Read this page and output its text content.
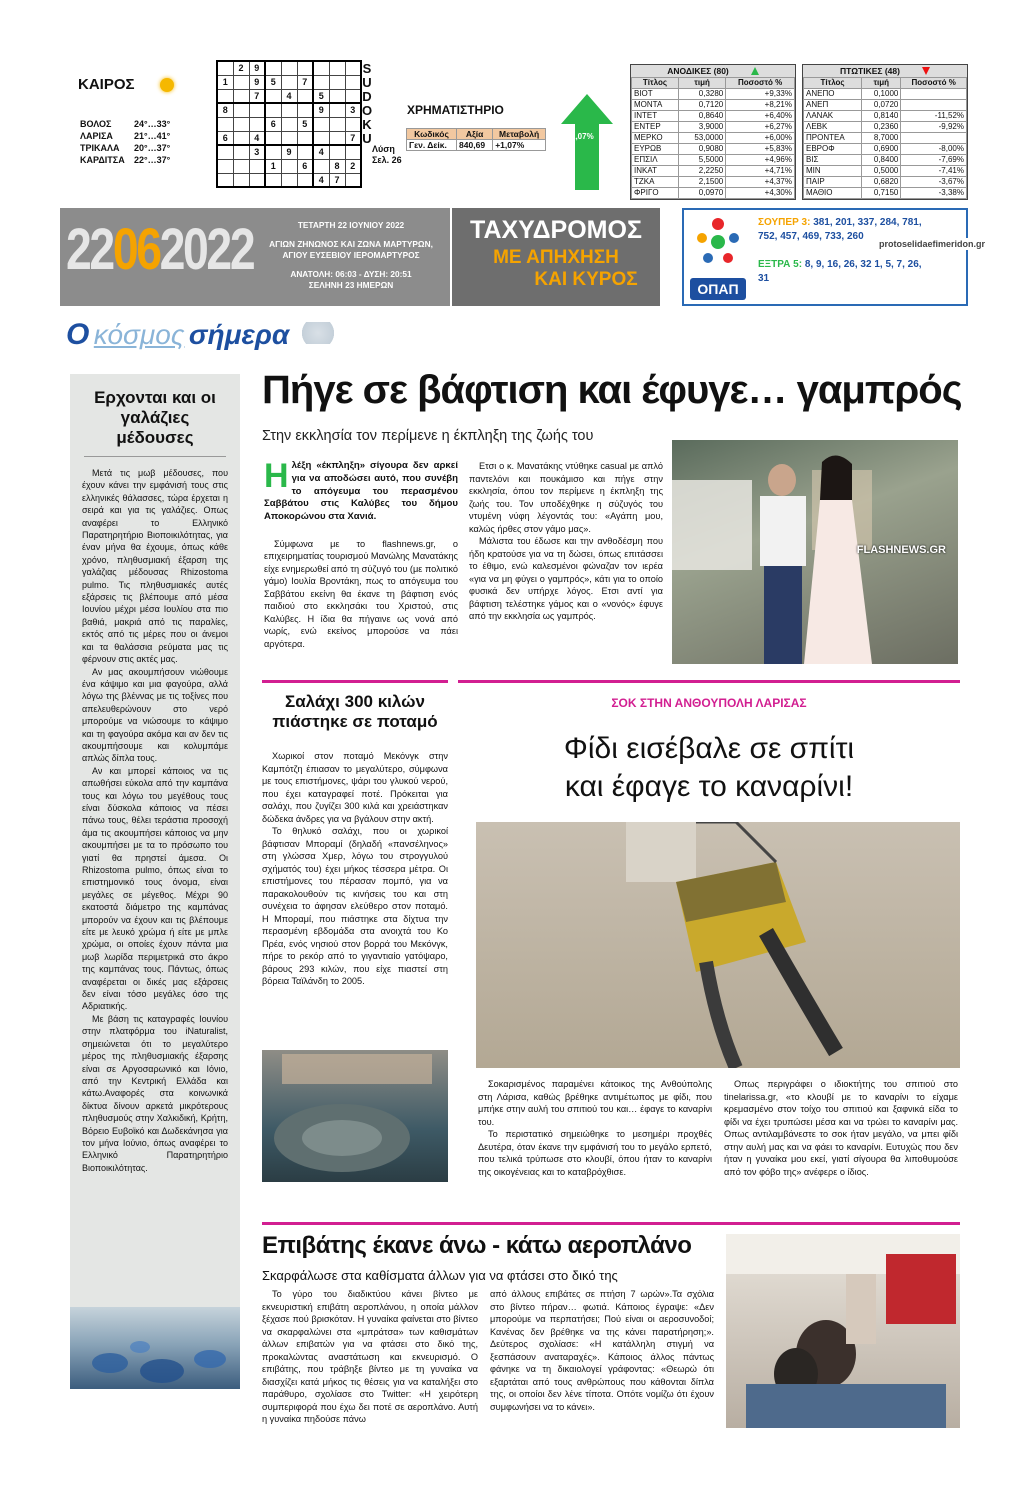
ΚΑΙΡΟΣ
ΒΟΛΟΣ	24°…33°
ΛΑΡΙΣΑ	21°…41°
ΤΡΙΚΑΛΑ	20°…37°
ΚΑΡΔΙΤΣΑ	22°…37°
	2	9						
1		9	5		7			
		7		4		5		
8						9		3
			6		5			
6		4						7
		3		9		4		
			1		6		8	2
						4	7	
S
U
D
O
K
U
Λύση
Σελ. 26
ΧΡΗΜΑΤΙΣΤΗΡΙΟ
Κωδικός	Αξία	Μεταβολή
Γεν. Δείκ.	840,69	+1,07%
1,07%
ΑΝΟΔΙΚΕΣ (80)
Τίτλος	τιμή	Ποσοστό %
ΒΙΟΤ	0,3280	+9,33%
ΜΟΝΤΑ	0,7120	+8,21%
ΙΝΤΕΤ	0,8640	+6,40%
ΕΝΤΕΡ	3,9000	+6,27%
ΜΕΡΚΟ	53,0000	+6,00%
ΕΥΡΩΒ	0,9080	+5,83%
ΕΠΣΙΛ	5,5000	+4,96%
ΙΝΚΑΤ	2,2250	+4,71%
ΤΖΚΑ	2,1500	+4,37%
ΦΡΙΓΟ	0,0970	+4,30%
ΠΤΩΤΙΚΕΣ (48)
Τίτλος	τιμή	Ποσοστό %
ΑΝΕΠΟ	0,1000	
ΑΝΕΠ	0,0720	
ΛΑΝΑΚ	0,8140	-11,52%
ΛΕΒΚ	0,2360	-9,92%
ΠΡΟΝΤΕΑ	8,7000	
ΕΒΡΟΦ	0,6900	-8,00%
ΒΙΣ	0,8400	-7,69%
ΜΙΝ	0,5000	-7,41%
ΠΑΙΡ	0,6820	-3,67%
ΜΑΘΙΟ	0,7150	-3,38%
22062022	ΤΕΤΑΡΤΗ 22 ΙΟΥΝΙΟΥ 2022
ΑΓΙΩΝ ΖΗΝΩΝΟΣ ΚΑΙ ΖΩΝΑ ΜΑΡΤΥΡΩΝ,
ΑΓΙΟΥ ΕΥΣΕΒΙΟΥ ΙΕΡΟΜΑΡΤΥΡΟΣ
ΑΝΑΤΟΛΗ: 06:03 - ΔΥΣΗ: 20:51
ΣΕΛΗΝΗ 23 ΗΜΕΡΩΝ
ΤΑΧΥΔΡΟΜΟΣ
ΜΕ ΑΠΗΧΗΣΗ
ΚΑΙ ΚΥΡΟΣ	ΟΠΑΠ
ΣΟΥΠΕΡ 3: 381, 201, 337, 284, 781, 752, 457, 469, 733, 260
ΕΞΤΡΑ 5: 8, 9, 16, 26, 32 1, 5, 7, 26, 31
protoselidaefimeridon.gr
Ο κόσμος σήμερα
Ερχονται και οι γαλάζιες μέδουσες

Μετά τις μωβ μέδουσες, που έχουν κάνει την εμφάνισή τους στις ελληνικές θάλασσες, τώρα έρχεται η σειρά και για τις γαλάζιες. Οπως αναφέρει το Ελληνικό Παρατηρητήριο Βιοποικιλότητας, για έναν μήνα θα έχουμε, όπως κάθε χρόνο, πληθυσμιακή έξαρση της γαλάζιας μέδουσας Rhizostoma pulmo. Τις πληθυσμιακές αυτές εξάρσεις τις βλέπουμε από μέσα Ιουνίου μέχρι μέσα Ιουλίου στα πιο βαθιά, μακριά από τις παραλίες, εκτός από τις μέρες που οι άνεμοι και τα θαλάσσια ρεύματα μας τις φέρνουν στις ακτές μας.

Αν μας ακουμπήσουν νιώθουμε ένα κάψιμο και μια φαγούρα, αλλά λόγω της βλέννας με τις τοξίνες που απελευθερώνουν στο νερό μπορούμε να νιώσουμε το κάψιμο και τη φαγούρα ακόμα και αν δεν τις ακουμπήσουμε και κολυμπάμε απλώς δίπλα τους.

Αν και μπορεί κάποιος να τις απωθήσει εύκολα από την καμπάνα τους και λόγω του μεγέθους τους είναι δύσκολα κάποιος να πέσει πάνω τους, θέλει τεράστια προσοχή άμα τις ακουμπήσει κάποιος να μην ακουμπήσει με τα το πρόσωπο του γιατί θα πρηστεί άμεσα. Οι Rhizostoma pulmo, όπως είναι το επιστημονικό τους όνομα, είναι μεγάλες σε μέγεθος. Μέχρι 90 εκατοστά διάμετρο της καμπάνας μπορούν να έχουν και τις βλέπουμε είτε με λευκό χρώμα ή είτε με μπλε χρώμα, οι οποίες έχουν πάντα μια μωβ λωρίδα περιμετρικά στο άκρο της καμπάνας τους. Πάντως, όπως αναφέρεται οι δικές μας εξάρσεις δεν είναι τόσο μεγάλες όσο της Αδριατικής.

Με βάση τις καταγραφές Ιουνίου στην πλατφόρμα του iNaturalist, σημειώνεται ότι το μεγαλύτερο μέρος της πληθυσμιακής έξαρσης είναι σε Αργοσαρωνικό και Ιόνιο, από την Κεντρική Ελλάδα και κάτω.Αναφορές στα κοινωνικά δίκτυα δίνουν αρκετά μικρότερους πληθυσμούς στην Χαλκιδική, Κρήτη, Βόρειο Ευβοϊκό και Δωδεκάνησα για τον μήνα Ιούνιο, όπως αναφέρει το Ελληνικό Παρατηρητήριο Βιοποικιλότητας.

Πήγε σε βάφτιση και έφυγε… γαμπρός
Στην εκκλησία τον περίμενε η έκπληξη της ζωής του
Η λέξη «έκπληξη» σίγουρα δεν αρκεί για να αποδώσει αυτό, που συνέβη το απόγευμα του περασμένου Σαββάτου στις Καλύβες του δήμου Αποκορώνου στα Χανιά.

Σύμφωνα με το flashnews.gr, ο επιχειρηματίας τουρισμού Μανώλης Μανατάκης είχε ενημερωθεί από τη σύζυγό του (με πολιτικό γάμο) Ιουλία Βροντάκη, πως το απόγευμα του Σαββάτου εκείνη θα έκανε τη βάφτιση ενός παιδιού στο εκκλησάκι του Χριστού, στις Καλύβες. Η ίδια θα πήγαινε ως νονά από νωρίς, ενώ εκείνος μπορούσε να πάει αργότερα.

Ετσι ο κ. Μανατάκης ντύθηκε casual με απλό παντελόνι και πουκάμισο και πήγε στην εκκλησία, όπου τον περίμενε η έκπληξη της ζωής του. Τον υποδέχθηκε η σύζυγός του ντυμένη νύφη λέγοντάς του: «Αγάπη μου, καλώς ήρθες στον γάμο μας».

Μάλιστα του έδωσε και την ανθοδέσμη που ήδη κρατούσε για να τη δώσει, όπως επιτάσσει το έθιμο, ενώ καλεσμένοι φώναζαν τον ιερέα «για να μη φύγει ο γαμπρός», κάτι για το οποίο φυσικά δεν υπήρχε λόγος. Ετσι αντί για βάφτιση τελέστηκε γάμος και ο «νονός» έφυγε από την εκκλησία ως γαμπρός.

FLASHNEWS.GR
Σαλάχι 300 κιλών πιάστηκε σε ποταμό

Χωρικοί στον ποταμό Μεκόνγκ στην Καμπότζη έπιασαν το μεγαλύτερο, σύμφωνα με τους επιστήμονες, ψάρι του γλυκού νερού, που έχει καταγραφεί ποτέ. Πρόκειται για σαλάχι, που ζυγίζει 300 κιλά και χρειάστηκαν δώδεκα άνδρες για να βγάλουν στην ακτή.

Το θηλυκό σαλάχι, που οι χωρικοί βάφτισαν Μποραμί (δηλαδή «πανσέληνος» στη γλώσσα Χμερ, λόγω του στρογγυλού σχήματός του) έχει μήκος τέσσερα μέτρα. Οι επιστήμονες του πέρασαν πομπό, για να παρακολουθούν τις κινήσεις του και στη συνέχεια το άφησαν ελεύθερο στον ποταμό. Η Μποραμί, που πιάστηκε στα δίχτυα την περασμένη εβδομάδα στα ανοιχτά του Κο Πρέα, ενός νησιού στον βορρά του Μεκόνγκ, πήρε το ρεκόρ από το γιγαντιαίο γατόψαρο, βάρους 293 κιλών, που είχε πιαστεί στη βόρεια Ταϊλάνδη το 2005.

ΣΟΚ ΣΤΗΝ ΑΝΘΟΥΠΟΛΗ ΛΑΡΙΣΑΣ
Φίδι εισέβαλε σε σπίτι
και έφαγε το καναρίνι!

Σοκαρισμένος παραμένει κάτοικος της Ανθούπολης στη Λάρισα, καθώς βρέθηκε αντιμέτωπος με φίδι, που μπήκε στην αυλή του σπιτιού του και… έφαγε το καναρίνι του.

Το περιστατικό σημειώθηκε το μεσημέρι προχθές Δευτέρα, όταν έκανε την εμφάνισή του το μεγάλο ερπετό, που τελικά τρύπωσε στο κλουβί, όπου ήταν το καναρίνι της οικογένειας και το καταβρόχθισε.

Οπως περιγράφει ο ιδιοκτήτης του σπιτιού στο tinelarissa.gr, «το κλουβί με το καναρίνι το είχαμε κρεμασμένο στον τοίχο του σπιτιού και ξαφνικά είδα το φίδι να έχει τρυπώσει μέσα και να τρώει το καναρίνι μας. Οπως αντιλαμβάνεστε το σοκ ήταν μεγάλο, να μπει φίδι στην αυλή μας και να φάει το καναρίνι. Ευτυχώς που δεν ήταν η γυναίκα μου εκεί, γιατί σίγουρα θα λιποθυμούσε από τον φόβο της» ανέφερε ο ίδιος.

Επιβάτης έκανε άνω - κάτω αεροπλάνο
Σκαρφάλωσε στα καθίσματα άλλων για να φτάσει στο δικό της

Το γύρο του διαδικτύου κάνει βίντεο με εκνευριστική επιβάτη αεροπλάνου, η οποία μάλλον ξέχασε πού βρισκόταν. Η γυναίκα φαίνεται στο βίντεο να σκαρφαλώνει στα «μπράτσα» των καθισμάτων άλλων επιβατών για να φτάσει στο δικό της, προκαλώντας αναστάτωση και εκνευρισμό. Ο επιβάτης, που τράβηξε βίντεο με τη γυναίκα να διασχίζει κατά μήκος τις θέσεις για να καταλήξει στο παράθυρο, σχολίασε στο Twitter: «Η χειρότερη συμπεριφορά που έχω δει ποτέ σε αεροπλάνο. Αυτή η γυναίκα πηδούσε πάνω

από άλλους επιβάτες σε πτήση 7 ωρών».Τα σχόλια στο βίντεο πήραν… φωτιά. Κάποιος έγραψε: «Δεν μπορούμε να περπατήσει; Πού είναι οι αεροσυνοδοί; Κανένας δεν βρέθηκε να της κάνει παρατήρηση;». Δεύτερος σχολίασε: «Η κατάλληλη στιγμή να ξεσπάσουν αναταραχές». Κάποιος άλλος πάντως φάνηκε να τη δικαιολογεί γράφοντας: «Θεωρώ ότι εξαρτάται από τους ανθρώπους που κάθονται δίπλα της, οι οποίοι δεν λένε τίποτα. Οπότε νομίζω ότι έχουν συμφωνήσει να το κάνει».
